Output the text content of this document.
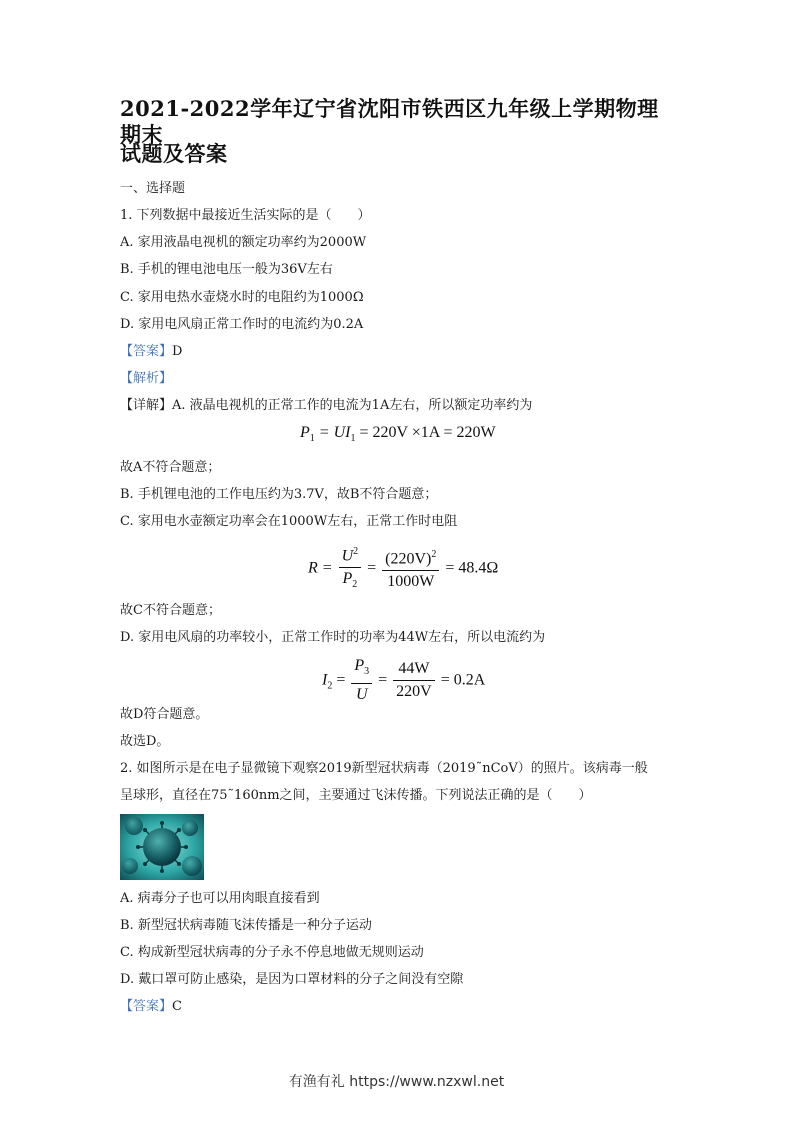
2021-2022学年辽宁省沈阳市铁西区九年级上学期物理期末
试题及答案
一、选择题
1. 下列数据中最接近生活实际的是（　　）
A. 家用液晶电视机的额定功率约为2000W
B. 手机的锂电池电压一般为36V左右
C. 家用电热水壶烧水时的电阻约为1000Ω
D. 家用电风扇正常工作时的电流约为0.2A
【答案】D
【解析】
【详解】A. 液晶电视机的正常工作的电流为1A左右，所以额定功率约为
$P_1 = UI_1 = 220V \times 1A = 220W$
故A不符合题意；
B. 手机锂电池的工作电压约为3.7V，故B不符合题意；
C. 家用电水壶额定功率会在1000W左右，正常工作时电阻
$R = \frac{U^2}{P_2} = \frac{(220V)^2}{1000W} = 48.4\Omega$
故C不符合题意；
D. 家用电风扇的功率较小，正常工作时的功率为44W左右，所以电流约为
$I_2 = \frac{P_3}{U} = \frac{44W}{220V} = 0.2A$
故D符合题意。
故选D。
2. 如图所示是在电子显微镜下观察2019新型冠状病毒（2019˜nCoV）的照片。该病毒一般
呈球形，直径在75˜160nm之间，主要通过飞沫传播。下列说法正确的是（　　）
A. 病毒分子也可以用肉眼直接看到
B. 新型冠状病毒随飞沫传播是一种分子运动
C. 构成新型冠状病毒的分子永不停息地做无规则运动
D. 戴口罩可防止感染，是因为口罩材料的分子之间没有空隙
【答案】C
有渔有礼 https://www.nzxwl.net
